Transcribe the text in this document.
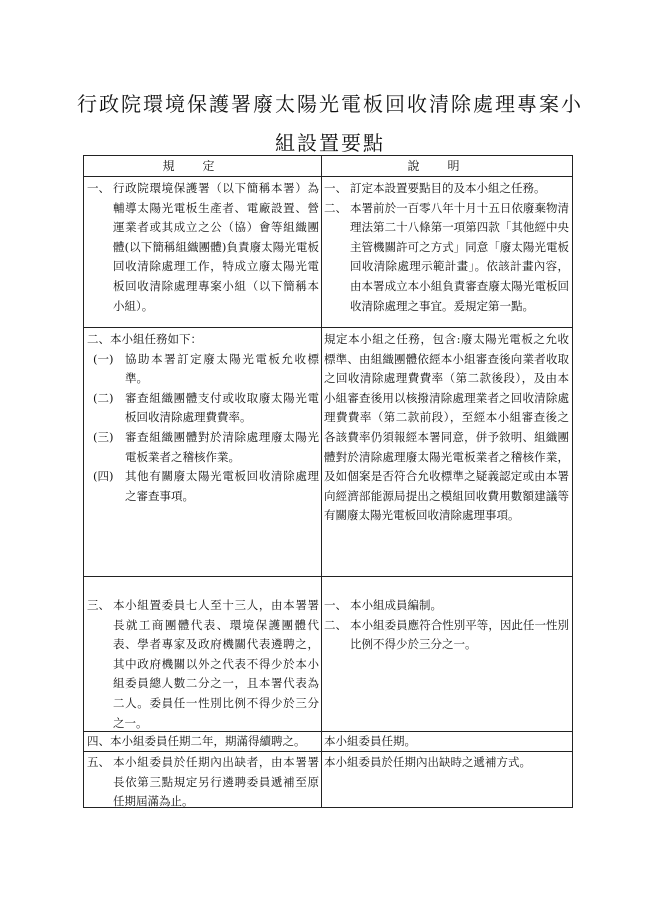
行政院環境保護署廢太陽光電板回收清除處理專案小
組設置要點
規定	說明
一、 行政院環境保護署（以下簡稱本署）為輔導太陽光電板生產者、電廠設置、營運業者或其成立之公（協）會等組織團體(以下簡稱組織團體)負責廢太陽光電板回收清除處理工作，特成立廢太陽光電板回收清除處理專案小組（以下簡稱本小組）。
一、 訂定本設置要點目的及本小組之任務。
二、 本署前於一百零八年十月十五日依廢棄物清理法第二十八條第一項第四款「其他經中央主管機關許可之方式」同意「廢太陽光電板回收清除處理示範計畫」。依該計畫內容，由本署成立本小組負責審查廢太陽光電板回收清除處理之事宜。爰規定第一點。
二、本小組任務如下：
(一) 協助本署訂定廢太陽光電板允收標準。
(二) 審查組織團體支付或收取廢太陽光電板回收清除處理費費率。
(三) 審查組織團體對於清除處理廢太陽光電板業者之稽核作業。
(四) 其他有關廢太陽光電板回收清除處理之審查事項。
規定本小組之任務，包含:廢太陽光電板之允收標準、由組織團體依經本小組審查後向業者收取之回收清除處理費費率（第二款後段），及由本小組審查後用以核撥清除處理業者之回收清除處理費費率（第二款前段），至經本小組審查後之各該費率仍須報經本署同意，併予敘明、組織團體對於清除處理廢太陽光電板業者之稽核作業，及如個案是否符合允收標準之疑義認定或由本署向經濟部能源局提出之模組回收費用數額建議等有關廢太陽光電板回收清除處理事項。
三、 本小組置委員七人至十三人，由本署署長就工商團體代表、環境保護團體代表、學者專家及政府機關代表遴聘之，其中政府機關以外之代表不得少於本小組委員總人數二分之一，且本署代表為二人。委員任一性別比例不得少於三分之一。
一、 本小組成員編制。
二、 本小組委員應符合性別平等，因此任一性別比例不得少於三分之一。
四、本小組委員任期二年，期滿得續聘之。	本小組委員任期。
五、 本小組委員於任期內出缺者，由本署署長依第三點規定另行遴聘委員遞補至原任期屆滿為止。
本小組委員於任期內出缺時之遞補方式。
